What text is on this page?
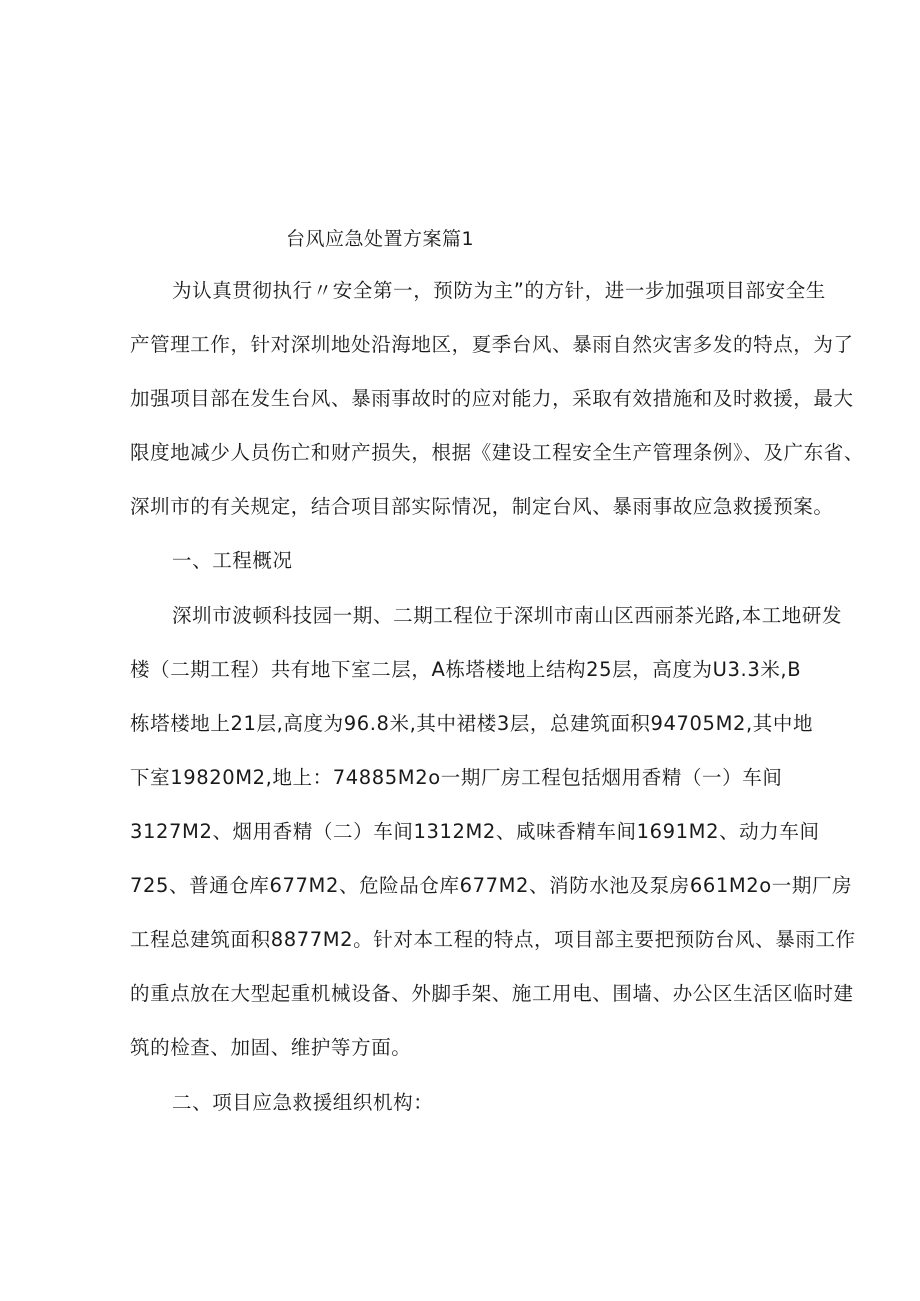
台风应急处置方案篇1
为认真贯彻执行〃安全第一，预防为主”的方针，进一步加强项目部安全生
产管理工作，针对深圳地处沿海地区，夏季台风、暴雨自然灾害多发的特点，为了
加强项目部在发生台风、暴雨事故时的应对能力，采取有效措施和及时救援，最大
限度地减少人员伤亡和财产损失，根据《建设工程安全生产管理条例》、及广东省、
深圳市的有关规定，结合项目部实际情况，制定台风、暴雨事故应急救援预案。
一、工程概况
深圳市波顿科技园一期、二期工程位于深圳市南山区西丽茶光路,本工地研发
楼（二期工程）共有地下室二层，A栋塔楼地上结构25层，高度为U3.3米,B
栋塔楼地上21层,高度为96.8米,其中裙楼3层，总建筑面积94705M2,其中地
下室19820M2,地上：74885M2o一期厂房工程包括烟用香精（一）车间
3127M2、烟用香精（二）车间1312M2、咸味香精车间1691M2、动力车间
725、普通仓库677M2、危险品仓库677M2、消防水池及泵房661M2o一期厂房
工程总建筑面积8877M2。针对本工程的特点，项目部主要把预防台风、暴雨工作
的重点放在大型起重机械设备、外脚手架、施工用电、围墙、办公区生活区临时建
筑的检查、加固、维护等方面。
二、项目应急救援组织机构：
